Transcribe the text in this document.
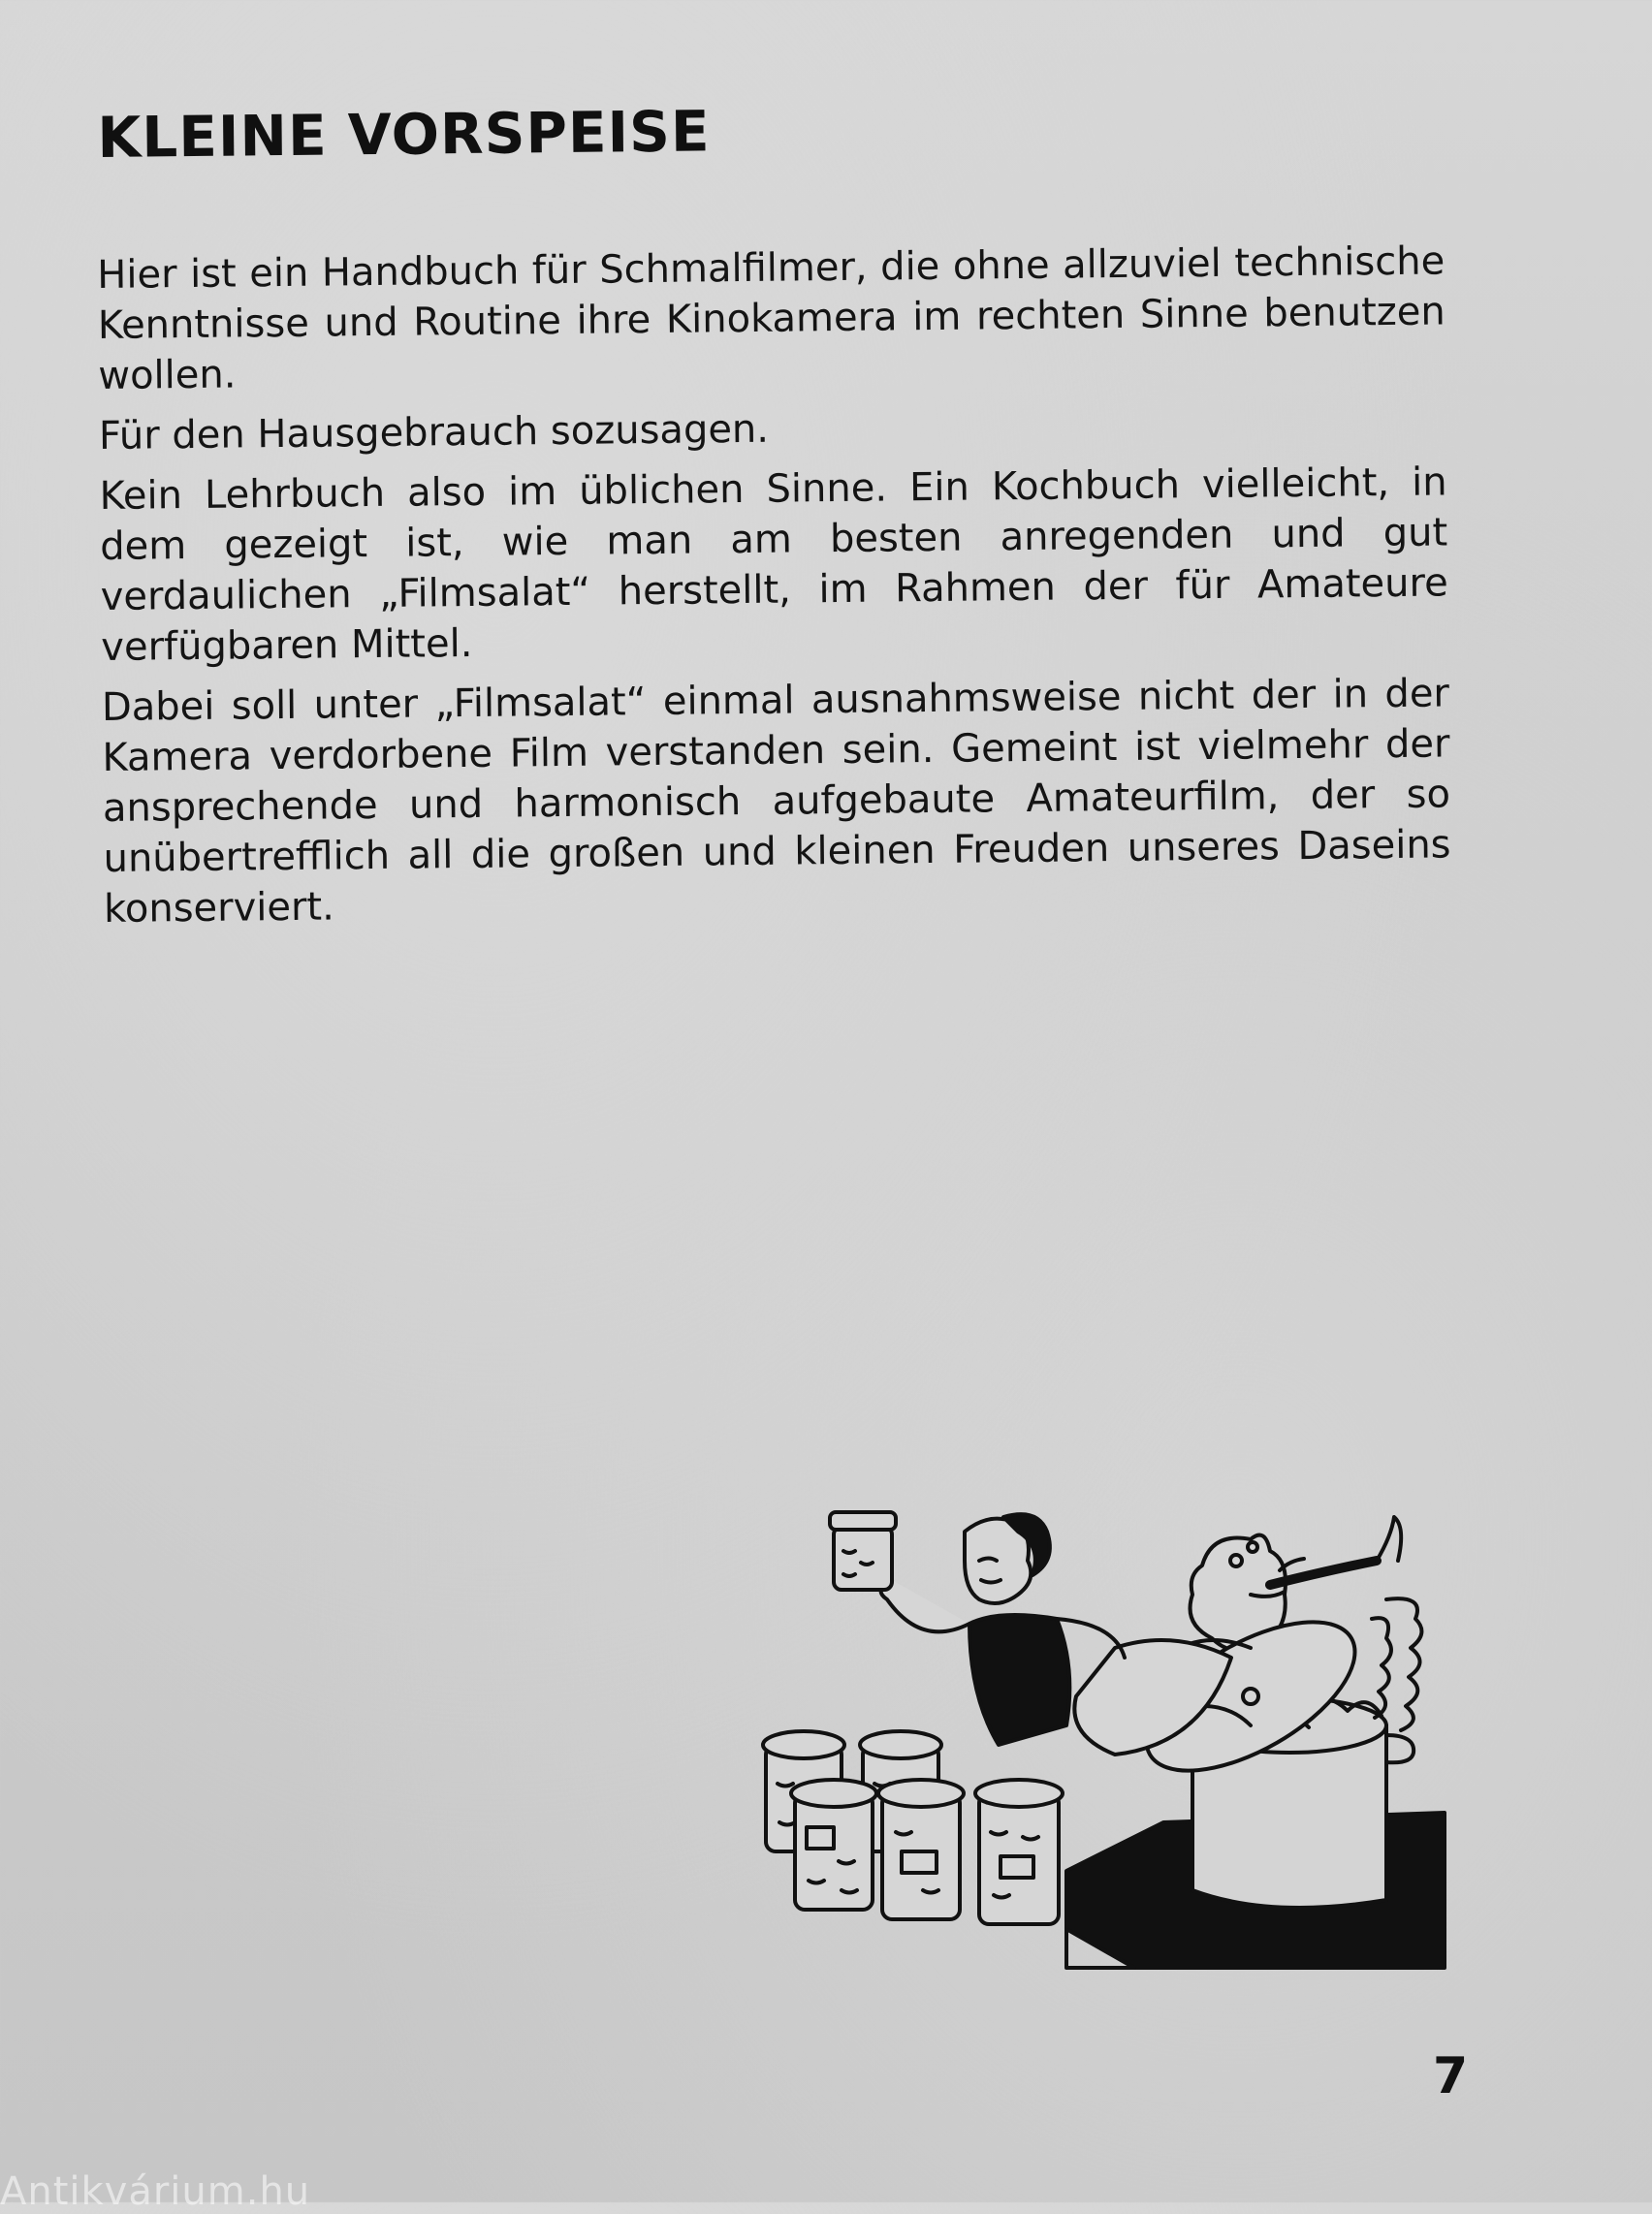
KLEINE VORSPEISE

Hier ist ein Handbuch für Schmalfilmer, die ohne allzuviel technische Kenntnisse und Routine ihre Kinokamera im rechten Sinne benutzen wollen.

Für den Hausgebrauch sozusagen.

Kein Lehrbuch also im üblichen Sinne. Ein Kochbuch vielleicht, in dem gezeigt ist, wie man am besten anregenden und gut verdaulichen „Filmsalat“ herstellt, im Rahmen der für Amateure verfügbaren Mittel.

Dabei soll unter „Filmsalat“ einmal ausnahmsweise nicht der in der Kamera verdorbene Film verstanden sein. Gemeint ist vielmehr der ansprechende und harmonisch aufgebaute Amateurfilm, der so unübertrefflich all die großen und kleinen Freuden unseres Daseins konserviert.

7
Antikvárium.hu
